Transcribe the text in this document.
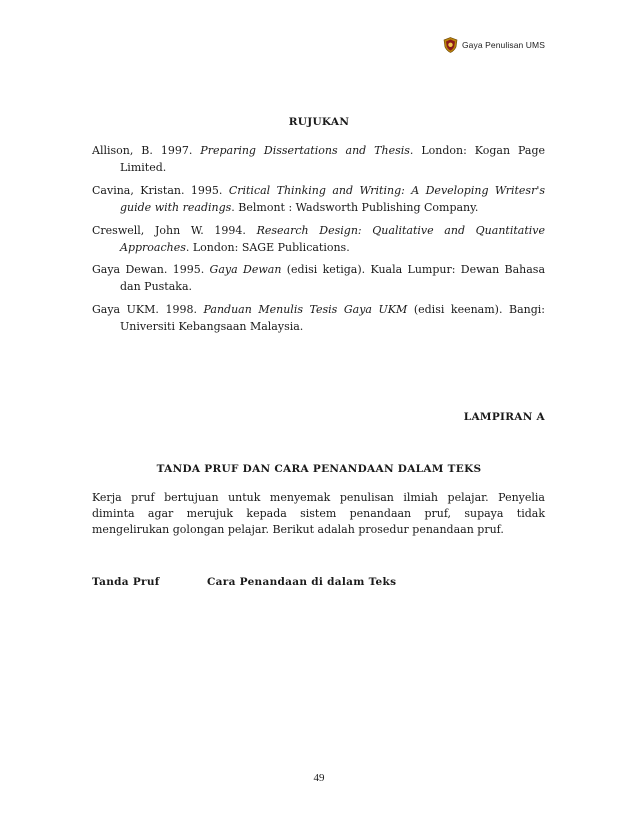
Gaya Penulisan UMS
RUJUKAN
Allison, B. 1997. Preparing Dissertations and Thesis. London: Kogan Page
Limited.
Cavina, Kristan. 1995. Critical Thinking and Writing: A Developing Writesr's
guide with readings. Belmont : Wadsworth Publishing Company.
Creswell, John W. 1994. Research Design: Qualitative and Quantitative
Approaches. London: SAGE Publications.
Gaya Dewan. 1995. Gaya Dewan (edisi ketiga). Kuala Lumpur: Dewan Bahasa
dan Pustaka.
Gaya UKM. 1998. Panduan Menulis Tesis Gaya UKM (edisi keenam). Bangi:
Universiti Kebangsaan Malaysia.
LAMPIRAN A
TANDA PRUF DAN CARA PENANDAAN DALAM TEKS
Kerja pruf bertujuan untuk menyemak penulisan ilmiah pelajar. Penyelia
diminta agar merujuk kepada sistem penandaan pruf, supaya tidak
mengelirukan golongan pelajar. Berikut adalah prosedur penandaan pruf.
Tanda Pruf	Cara Penandaan di dalam Teks
49
